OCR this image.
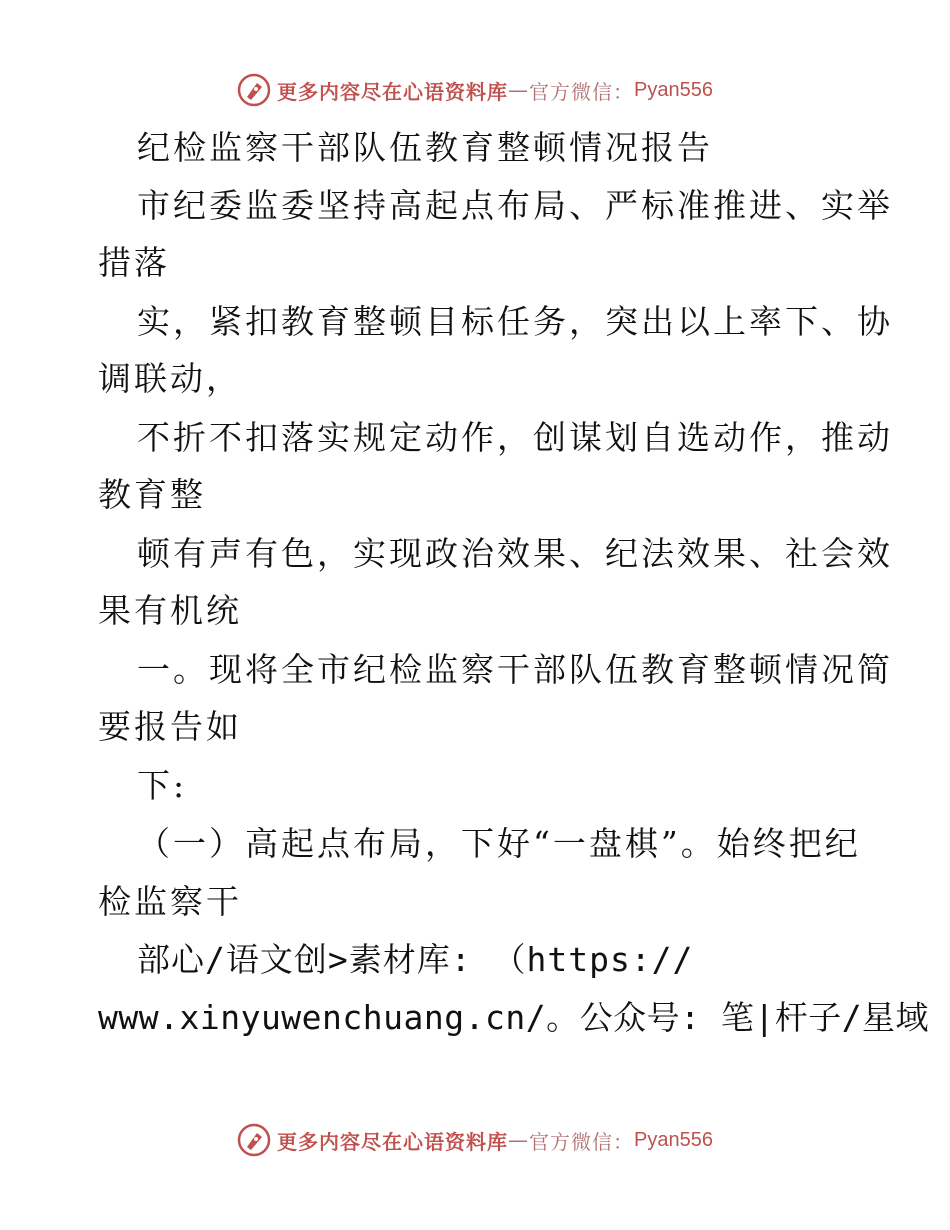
更多内容尽在心语资料库 — 官方微信： Pyan556
纪检监察干部队伍教育整顿情况报告
市纪委监委坚持高起点布局、严标准推进、实举
措落
实，紧扣教育整顿目标任务，突出以上率下、协
调联动，
不折不扣落实规定动作，创谋划自选动作，推动
教育整
顿有声有色，实现政治效果、纪法效果、社会效
果有机统
一。现将全市纪检监察干部队伍教育整顿情况简
要报告如
下:
（一）高起点布局，下好“一盘棋”。始终把纪
检监察干
部心/语文创>素材库: （https://
www.xinyuwenchuang.cn/。公众号: 笔|杆子/星域
更多内容尽在心语资料库 — 官方微信： Pyan556
